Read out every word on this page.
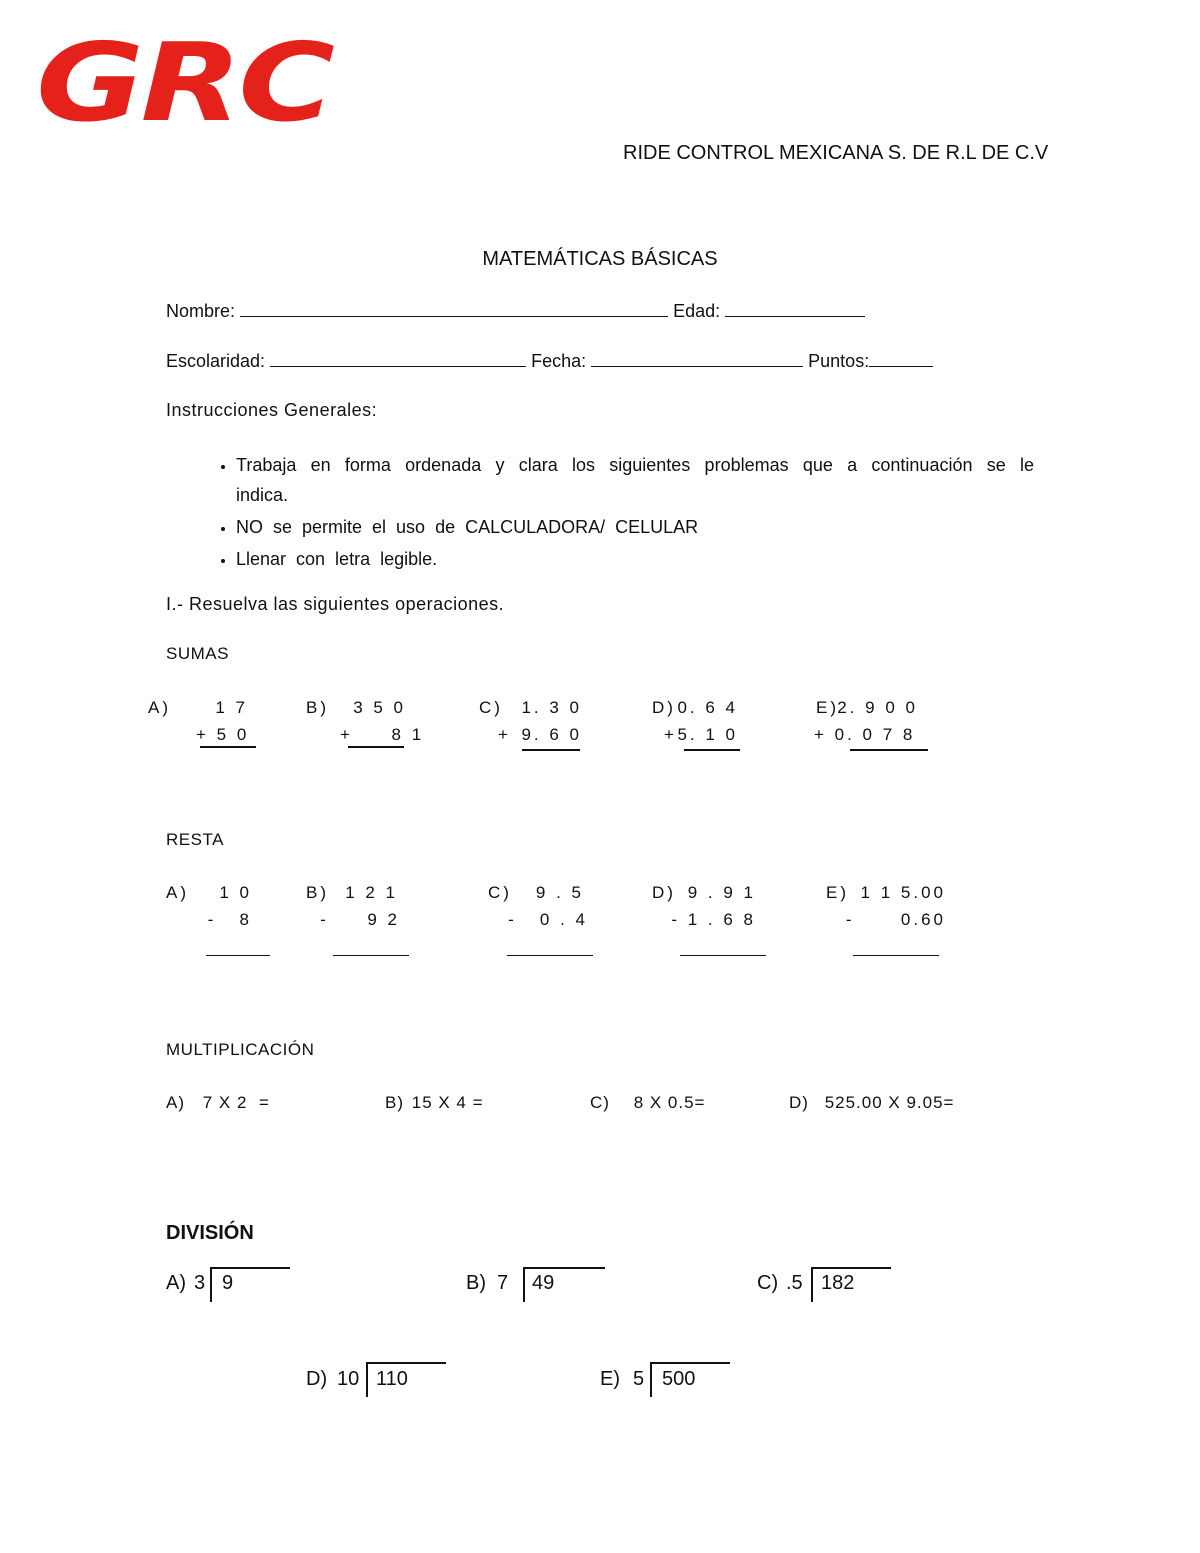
GRC
RIDE CONTROL MEXICANA S. DE R.L DE C.V
MATEMÁTICAS BÁSICAS
Nombre:	Edad:
Escolaridad:	Fecha:	Puntos:
Instrucciones Generales:
• Trabaja en forma ordenada y clara los siguientes problemas que a continuación se le indica.
• NO se permite el uso de CALCULADORA/ CELULAR
• Llenar con letra legible.
I.- Resuelva las siguientes operaciones.
SUMAS
A)	1 7
+ 5 0
B)	3 5 0
+     8 1
C)	1. 3 0
+ 9. 6 0
D) 0. 6 4
+ 5. 1 0
E)
2. 9 0 0
+ 0. 0 7 8
RESTA
A)	1 0
-   8
B) 1 2 1
-     9 2
C)	9 . 5
-   0 . 4
D) 9 . 9 1
- 1 . 6 8
E) 1 1 5.00
-      0.60
MULTIPLICACIÓN
A) 7 X 2  =	B) 15 X 4 =	C) 8 X 0.5=	D) 525.00 X 9.05=
DIVISIÓN
A) 3 9	B) 7 49	C) .5 182
D) 10 110	E) 5 500
